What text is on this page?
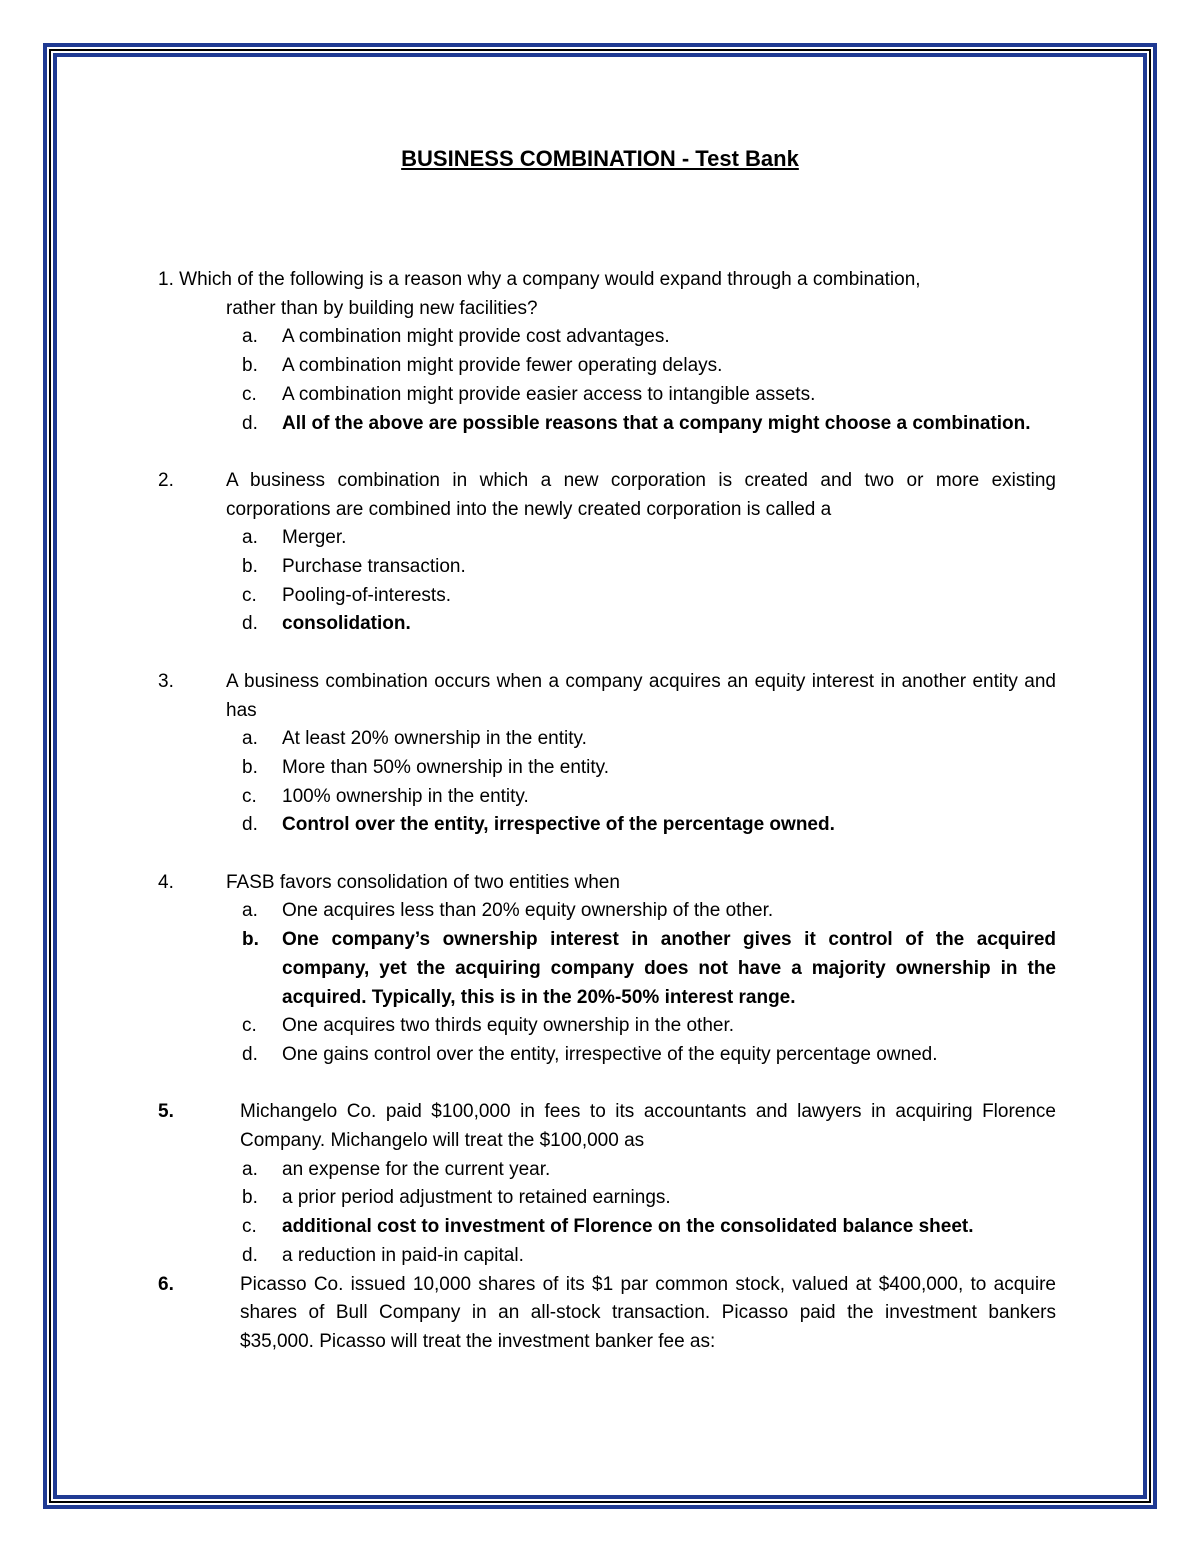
BUSINESS COMBINATION - Test Bank
1. Which of the following is a reason why a company would expand through a combination,
rather than by building new facilities?
a.	A combination might provide cost advantages.
b.	A combination might provide fewer operating delays.
c.	A combination might provide easier access to intangible assets.
d.	All of the above are possible reasons that a company might choose a combination.
2.	A business combination in which a new corporation is created and two or more existing corporations are combined into the newly created corporation is called a
a.	Merger.
b.	Purchase transaction.
c.	Pooling-of-interests.
d.	consolidation.
3.	A business combination occurs when a company acquires an equity interest in another entity and has
a.	At least 20% ownership in the entity.
b.	More than 50% ownership in the entity.
c.	100% ownership in the entity.
d.	Control over the entity, irrespective of the percentage owned.
4.	FASB favors consolidation of two entities when
a.	One acquires less than 20% equity ownership of the other.
b.	One company’s ownership interest in another gives it control of the acquired company, yet the acquiring company does not have a majority ownership in the acquired. Typically, this is in the 20%-50% interest range.
c.	One acquires two thirds equity ownership in the other.
d.	One gains control over the entity, irrespective of the equity percentage owned.
5.	Michangelo Co. paid $100,000 in fees to its accountants and lawyers in acquiring Florence Company. Michangelo will treat the $100,000 as
a.	an expense for the current year.
b.	a prior period adjustment to retained earnings.
c.	additional cost to investment of Florence on the consolidated balance sheet.
d.	a reduction in paid-in capital.
6.	Picasso Co. issued 10,000 shares of its $1 par common stock, valued at $400,000, to acquire shares of Bull Company in an all-stock transaction. Picasso paid the investment bankers $35,000. Picasso will treat the investment banker fee as:
